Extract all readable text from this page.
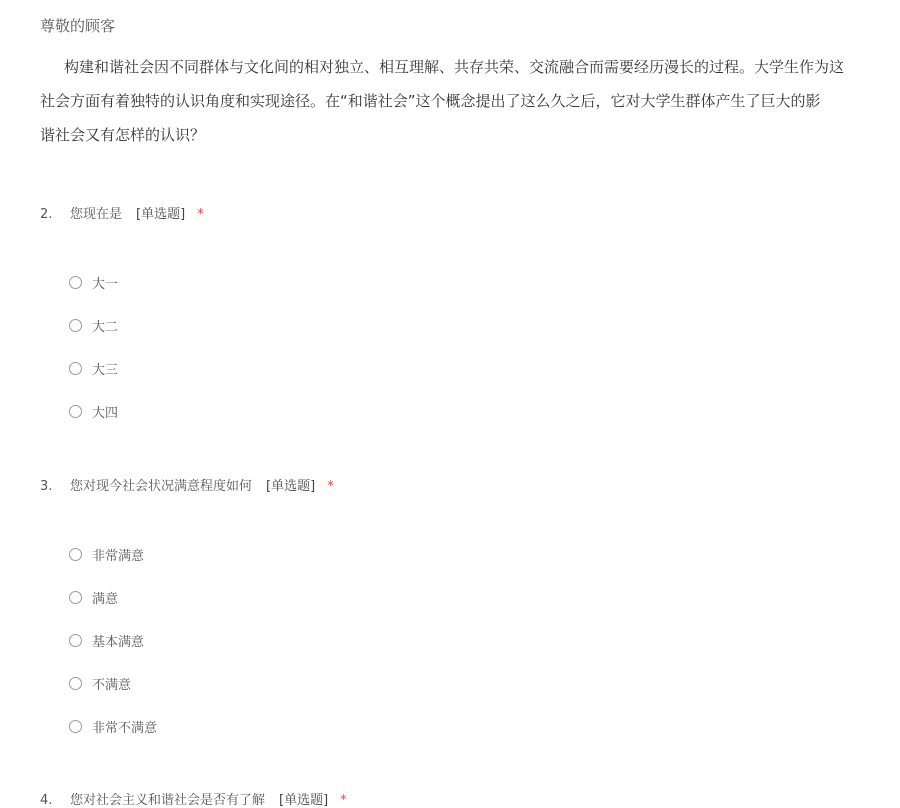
尊敬的顾客

构建和谐社会因不同群体与文化间的相对独立、相互理解、共存共荣、交流融合而需要经历漫长的过程。大学生作为这

社会方面有着独特的认识角度和实现途径。在“和谐社会”这个概念提出了这么久之后，它对大学生群体产生了巨大的影

谐社会又有怎样的认识？

2. 您现在是 [单选题] *
大一
大二
大三
大四
3. 您对现今社会状况满意程度如何 [单选题] *
非常满意
满意
基本满意
不满意
非常不满意
4. 您对社会主义和谐社会是否有了解 [单选题] *
